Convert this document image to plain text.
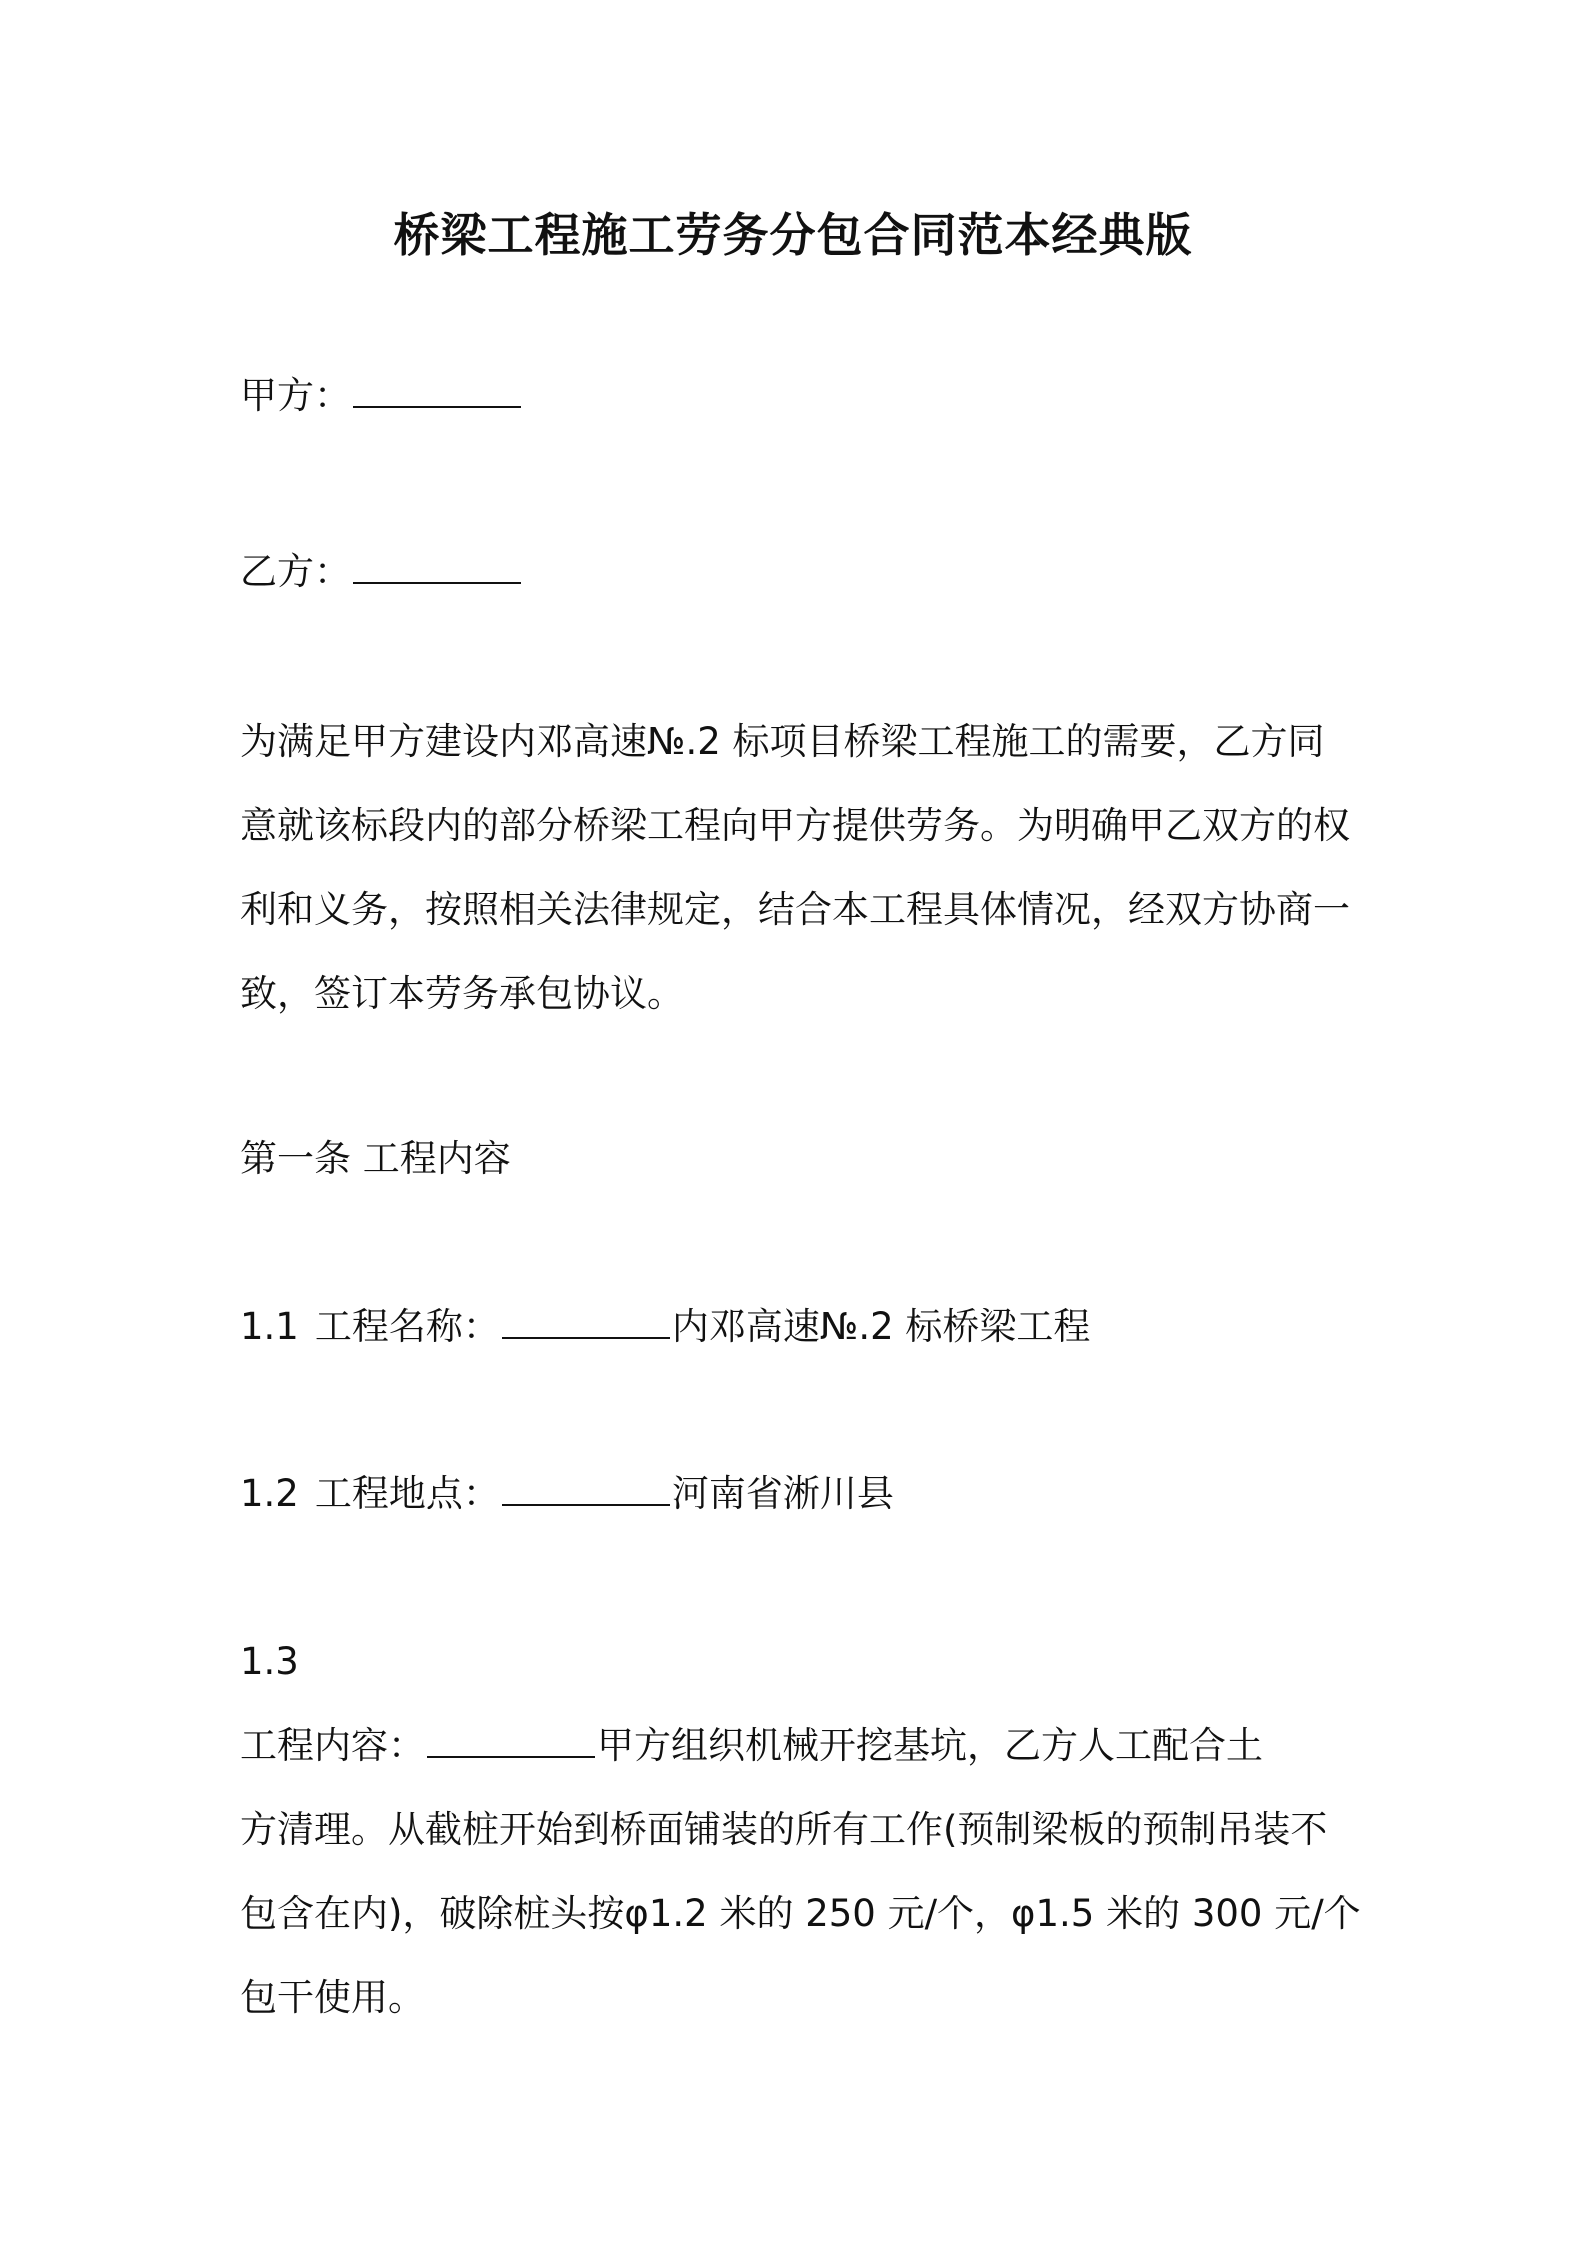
桥梁工程施工劳务分包合同范本经典版
甲方：
乙方：
为满足甲方建设内邓高速№.2 标项目桥梁工程施工的需要，乙方同
意就该标段内的部分桥梁工程向甲方提供劳务。为明确甲乙双方的权
利和义务，按照相关法律规定，结合本工程具体情况，经双方协商一
致，签订本劳务承包协议。
第一条 工程内容
1.1 工程名称：	内邓高速№.2 标桥梁工程
1.2 工程地点：	河南省淅川县
1.3
工程内容：	甲方组织机械开挖基坑，乙方人工配合土
方清理。从截桩开始到桥面铺装的所有工作(预制梁板的预制吊装不
包含在内)，破除桩头按φ1.2 米的 250 元/个，φ1.5 米的 300 元/个
包干使用。
